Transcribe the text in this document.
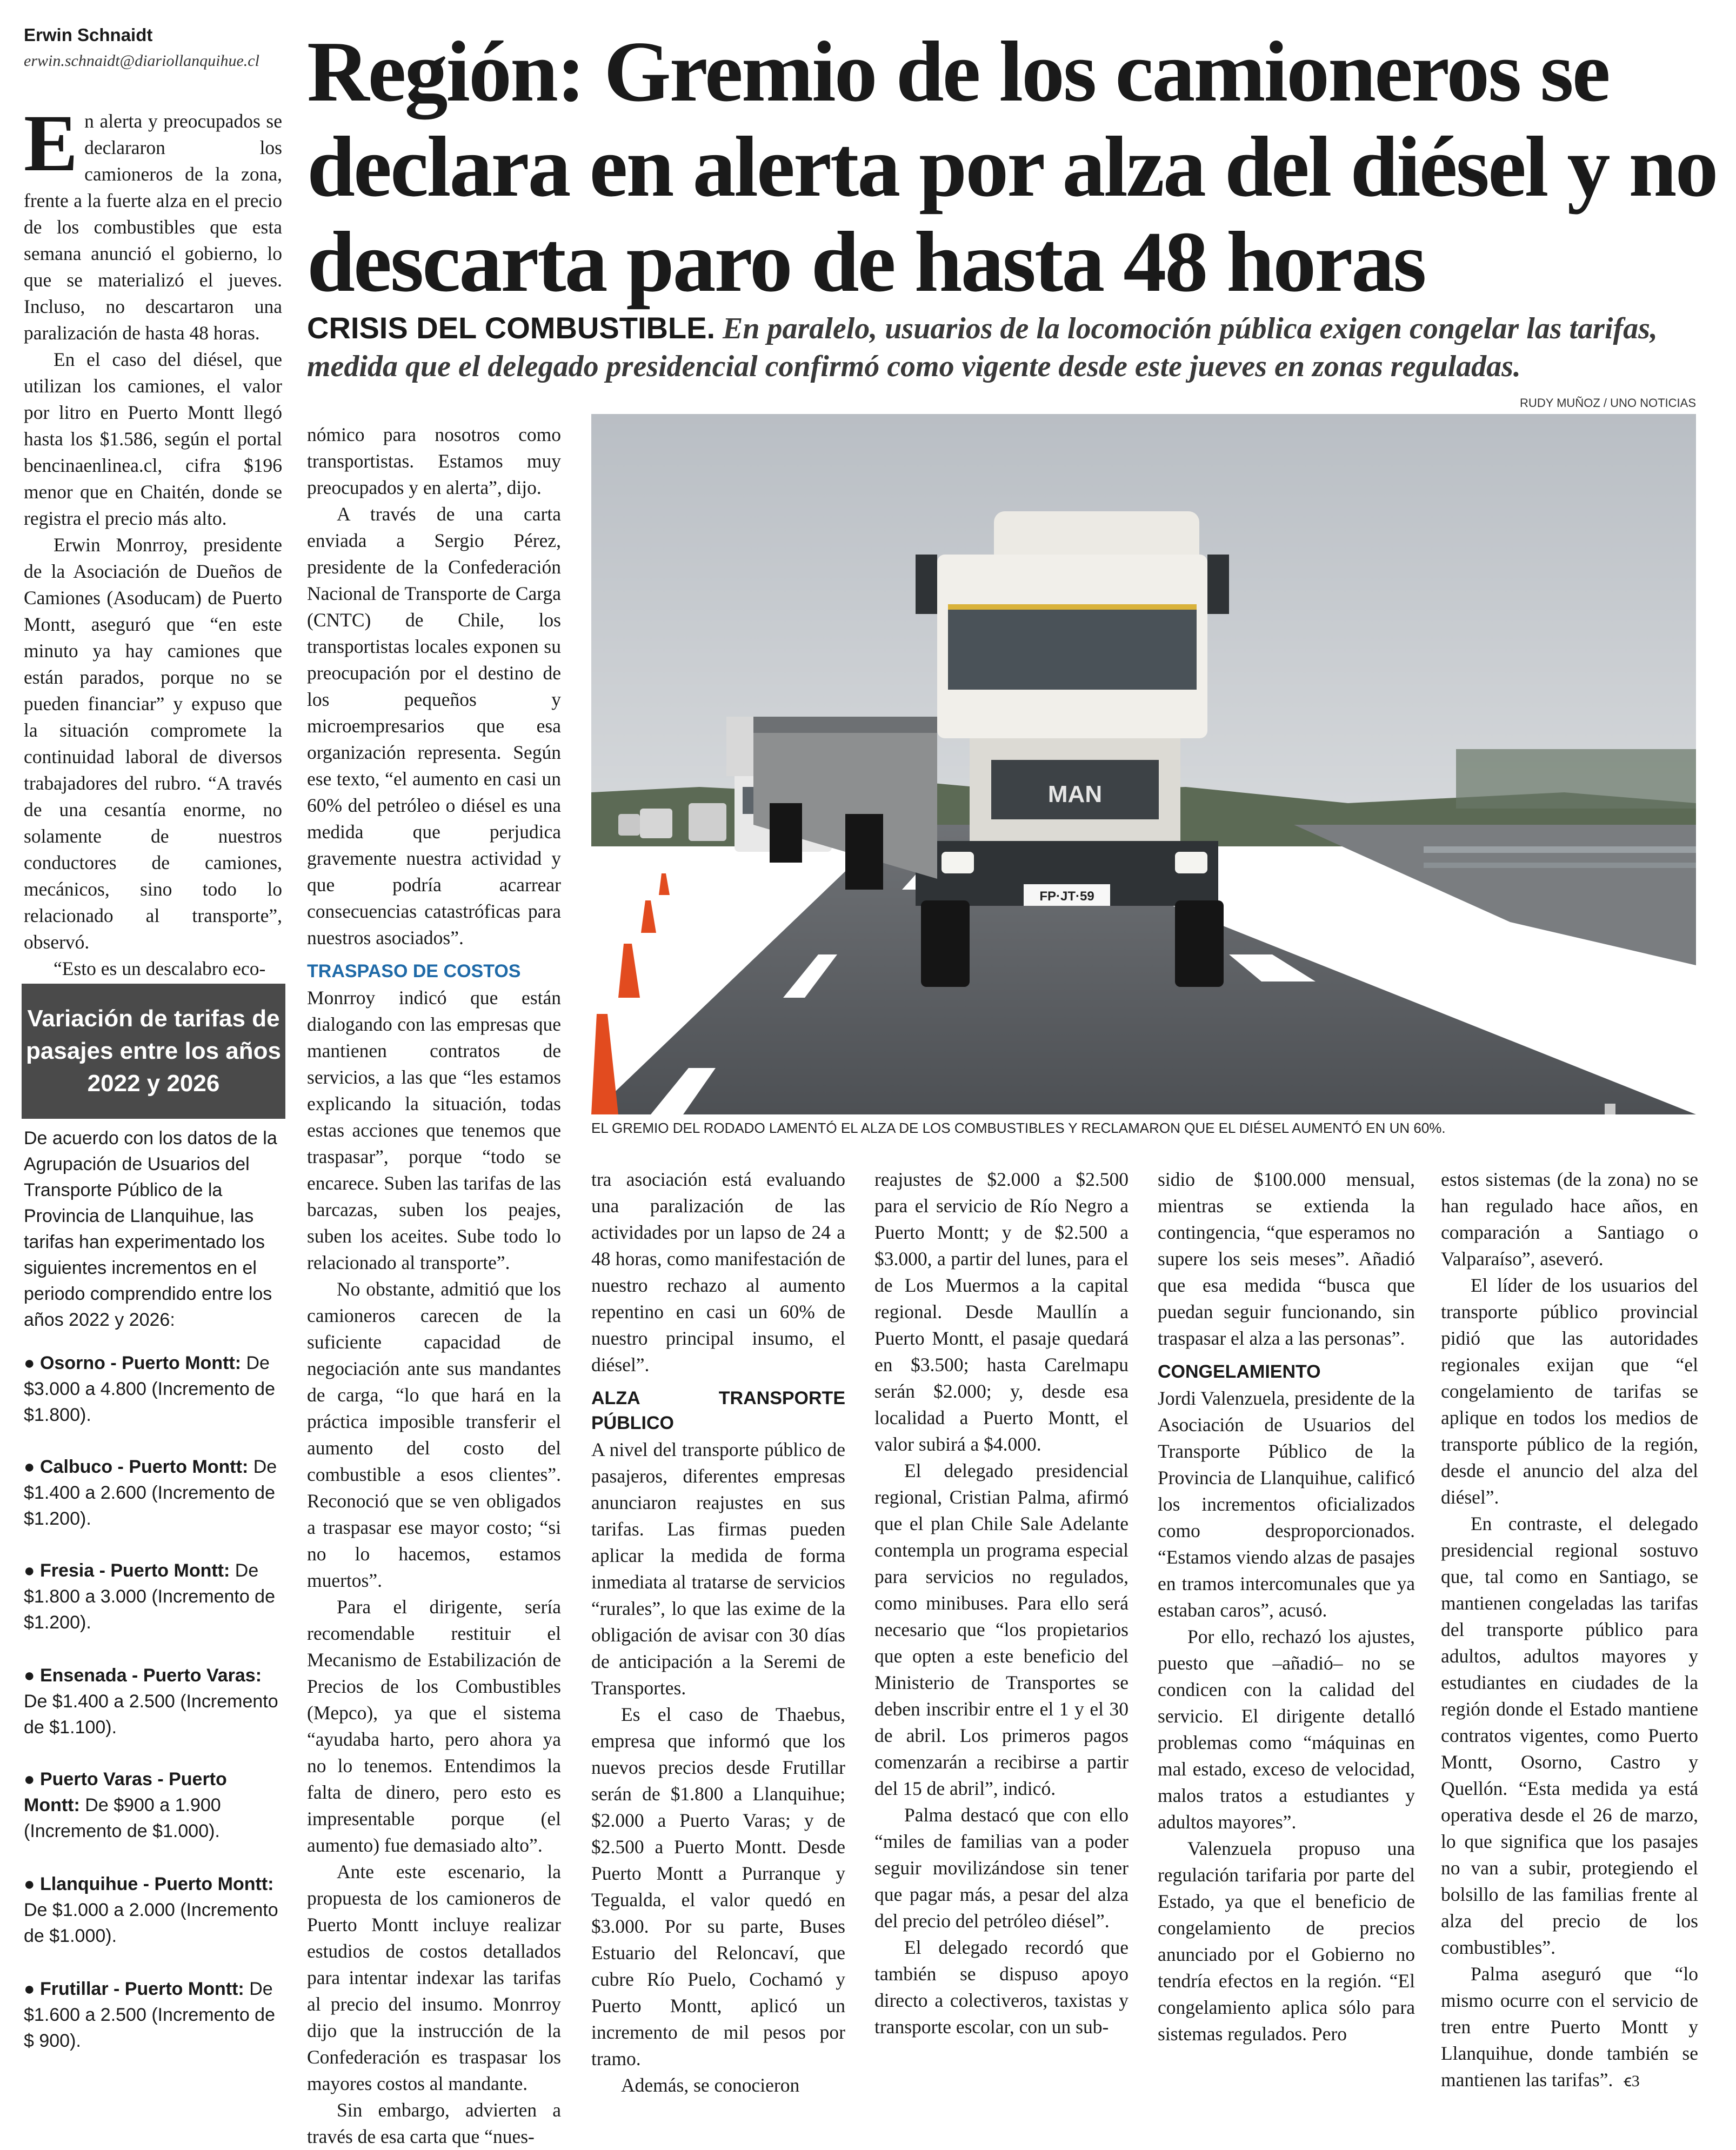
Erwin Schnaidt
erwin.schnaidt@diariollanquihue.cl Región: Gremio de los camioneros se declara en alerta por alza del diésel y no descarta paro de hasta 48 horas
CRISIS DEL COMBUSTIBLE. En paralelo, usuarios de la locomoción pública exigen congelar las tarifas, medida que el delegado presidencial confirmó como vigente desde este jueves en zonas reguladas.
RUDY MUÑOZ / UNO NOTICIAS
MAN
FP·JT·59
EL GREMIO DEL RODADO LAMENTÓ EL ALZA DE LOS COMBUSTIBLES Y RECLAMARON QUE EL DIÉSEL AUMENTÓ EN UN 60%.

En alerta y preocupados se declararon los camioneros de la zona, frente a la fuerte alza en el precio de los combustibles que esta semana anunció el gobierno, lo que se materializó el jueves. Incluso, no descartaron una paralización de hasta 48 horas.

En el caso del diésel, que utilizan los camiones, el valor por litro en Puerto Montt llegó hasta los $1.586, según el portal bencinaenlinea.cl, cifra $196 menor que en Chaitén, donde se registra el precio más alto.

Erwin Monrroy, presidente de la Asociación de Dueños de Camiones (Asoducam) de Puerto Montt, aseguró que “en este minuto ya hay camiones que están parados, porque no se pueden financiar” y expuso que la situación compromete la continuidad laboral de diversos trabajadores del rubro. “A través de una cesantía enorme, no solamente de nuestros conductores de camiones, mecánicos, sino todo lo relacionado al transporte”, observó.

“Esto es un descalabro eco-

nómico para nosotros como transportistas. Estamos muy preocupados y en alerta”, dijo.

A través de una carta enviada a Sergio Pérez, presidente de la Confederación Nacional de Transporte de Carga (CNTC) de Chile, los transportistas locales exponen su preocupación por el destino de los pequeños y microempresarios que esa organización representa. Según ese texto, “el aumento en casi un 60% del petróleo o diésel es una medida que perjudica gravemente nuestra actividad y que podría acarrear consecuencias catastróficas para nuestros asociados”.

TRASPASO DE COSTOS

Monrroy indicó que están dialogando con las empresas que mantienen contratos de servicios, a las que “les estamos explicando la situación, todas estas acciones que tenemos que traspasar”, porque “todo se encarece. Suben las tarifas de las barcazas, suben los peajes, suben los aceites. Sube todo lo relacionado al transporte”.

No obstante, admitió que los camioneros carecen de la suficiente capacidad de negociación ante sus mandantes de carga, “lo que hará en la práctica imposible transferir el aumento del costo del combustible a esos clientes”. Reconoció que se ven obligados a traspasar ese mayor costo; “si no lo hacemos, estamos muertos”.

Para el dirigente, sería recomendable restituir el Mecanismo de Estabilización de Precios de los Combustibles (Mepco), ya que el sistema “ayudaba harto, pero ahora ya no lo tenemos. Entendimos la falta de dinero, pero esto es impresentable porque (el aumento) fue demasiado alto”.

Ante este escenario, la propuesta de los camioneros de Puerto Montt incluye realizar estudios de costos detallados para intentar indexar las tarifas al precio del insumo. Monrroy dijo que la instrucción de la Confederación es traspasar los mayores costos al mandante.

Sin embargo, advierten a través de esa carta que “nues-

tra asociación está evaluando una paralización de las actividades por un lapso de 24 a 48 horas, como manifestación de nuestro rechazo al aumento repentino en casi un 60% de nuestro principal insumo, el diésel”.

ALZA TRANSPORTE PÚBLICO

A nivel del transporte público de pasajeros, diferentes empresas anunciaron reajustes en sus tarifas. Las firmas pueden aplicar la medida de forma inmediata al tratarse de servicios “rurales”, lo que las exime de la obligación de avisar con 30 días de anticipación a la Seremi de Transportes.

Es el caso de Thaebus, empresa que informó que los nuevos precios desde Frutillar serán de $1.800 a Llanquihue; $2.000 a Puerto Varas; y de $2.500 a Puerto Montt. Desde Puerto Montt a Purranque y Tegualda, el valor quedó en $3.000. Por su parte, Buses Estuario del Reloncaví, que cubre Río Puelo, Cochamó y Puerto Montt, aplicó un incremento de mil pesos por tramo.

Además, se conocieron

reajustes de $2.000 a $2.500 para el servicio de Río Negro a Puerto Montt; y de $2.500 a $3.000, a partir del lunes, para el de Los Muermos a la capital regional. Desde Maullín a Puerto Montt, el pasaje quedará en $3.500; hasta Carelmapu serán $2.000; y, desde esa localidad a Puerto Montt, el valor subirá a $4.000.

El delegado presidencial regional, Cristian Palma, afirmó que el plan Chile Sale Adelante contempla un programa especial para servicios no regulados, como minibuses. Para ello será necesario que “los propietarios que opten a este beneficio del Ministerio de Transportes se deben inscribir entre el 1 y el 30 de abril. Los primeros pagos comenzarán a recibirse a partir del 15 de abril”, indicó.

Palma destacó que con ello “miles de familias van a poder seguir movilizándose sin tener que pagar más, a pesar del alza del precio del petróleo diésel”.

El delegado recordó que también se dispuso apoyo directo a colectiveros, taxistas y transporte escolar, con un sub-

sidio de $100.000 mensual, mientras se extienda la contingencia, “que esperamos no supere los seis meses”. Añadió que esa medida “busca que puedan seguir funcionando, sin traspasar el alza a las personas”.

CONGELAMIENTO

Jordi Valenzuela, presidente de la Asociación de Usuarios del Transporte Público de la Provincia de Llanquihue, calificó los incrementos oficializados como desproporcionados. “Estamos viendo alzas de pasajes en tramos intercomunales que ya estaban caros”, acusó.

Por ello, rechazó los ajustes, puesto que –añadió– no se condicen con la calidad del servicio. El dirigente detalló problemas como “máquinas en mal estado, exceso de velocidad, malos tratos a estudiantes y adultos mayores”.

Valenzuela propuso una regulación tarifaria por parte del Estado, ya que el beneficio de congelamiento de precios anunciado por el Gobierno no tendría efectos en la región. “El congelamiento aplica sólo para sistemas regulados. Pero

estos sistemas (de la zona) no se han regulado hace años, en comparación a Santiago o Valparaíso”, aseveró.

El líder de los usuarios del transporte público provincial pidió que las autoridades regionales exijan que “el congelamiento de tarifas se aplique en todos los medios de transporte público de la región, desde el anuncio del alza del diésel”.

En contraste, el delegado presidencial regional sostuvo que, tal como en Santiago, se mantienen congeladas las tarifas del transporte público para adultos, adultos mayores y estudiantes en ciudades de la región donde el Estado mantiene contratos vigentes, como Puerto Montt, Osorno, Castro y Quellón. “Esta medida ya está operativa desde el 26 de marzo, lo que significa que los pasajes no van a subir, protegiendo el bolsillo de las familias frente al alza del precio de los combustibles”.

Palma aseguró que “lo mismo ocurre con el servicio de tren entre Puerto Montt y Llanquihue, donde también se mantienen las tarifas”. ꞓ3

Variación de tarifas de pasajes entre los años 2022 y 2026
De acuerdo con los datos de la Agrupación de Usuarios del Transporte Público de la Provincia de Llanquihue, las tarifas han experimentado los siguientes incrementos en el periodo comprendido entre los años 2022 y 2026:
● Osorno - Puerto Montt: De $3.000 a 4.800 (Incremento de $1.800).
● Calbuco - Puerto Montt: De $1.400 a 2.600 (Incremento de $1.200).
● Fresia - Puerto Montt: De $1.800 a 3.000 (Incremento de $1.200).
● Ensenada - Puerto Varas: De $1.400 a 2.500 (Incremento de $1.100).
● Puerto Varas - Puerto Montt: De $900 a 1.900 (Incremento de $1.000).
● Llanquihue - Puerto Montt: De $1.000 a 2.000 (Incremento de $1.000).
● Frutillar - Puerto Montt: De $1.600 a 2.500 (Incremento de $ 900).
